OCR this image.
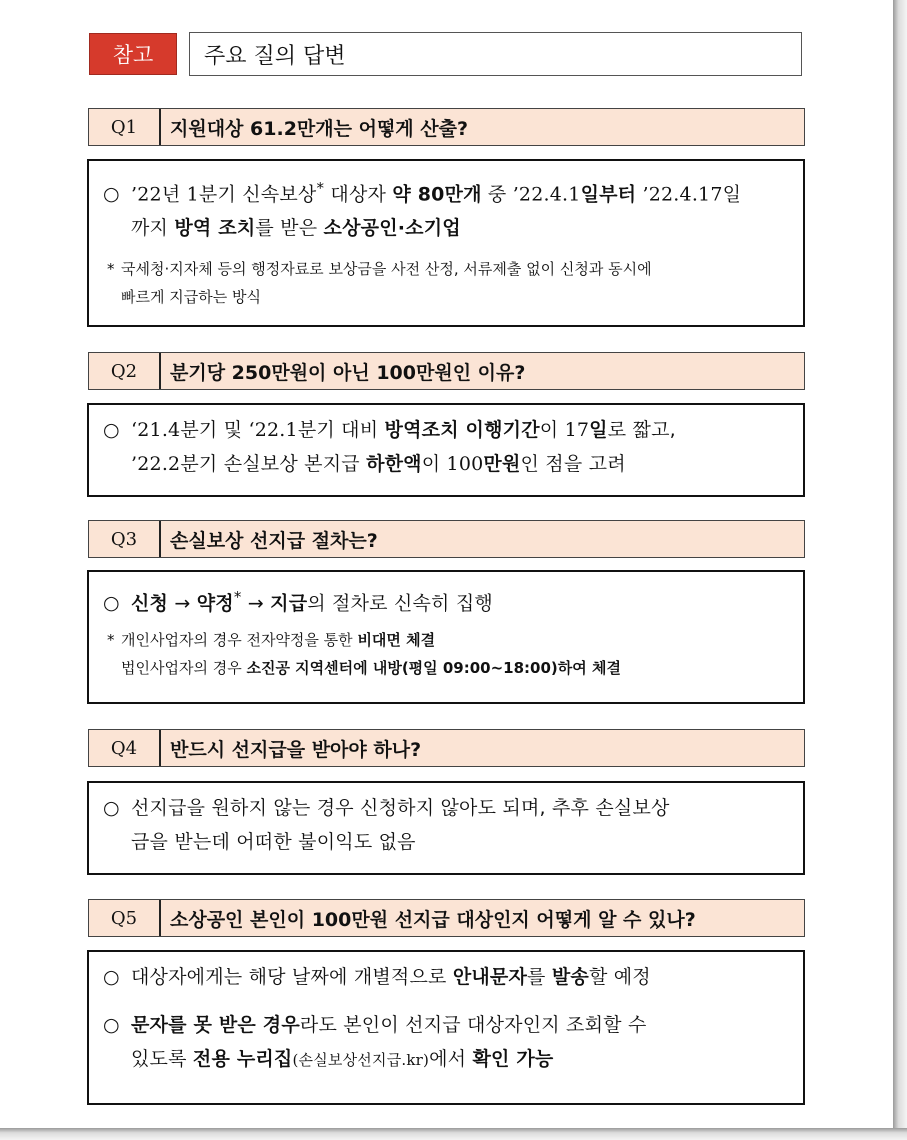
참고	주요 질의 답변
Q1	지원대상 61.2만개는 어떻게 산출?
○ ’22년 1분기 신속보상* 대상자 약 80만개 중 ’22.4.1일부터 ’22.4.17일
까지 방역 조치를 받은 소상공인·소기업
* 국세청·지자체 등의 행정자료로 보상금을 사전 산정, 서류제출 없이 신청과 동시에
빠르게 지급하는 방식
Q2	분기당 250만원이 아닌 100만원인 이유?
○ ‘21.4분기 및 ‘22.1분기 대비 방역조치 이행기간이 17일로 짧고,
’22.2분기 손실보상 본지급 하한액이 100만원인 점을 고려
Q3	손실보상 선지급 절차는?
○ 신청 → 약정* → 지급의 절차로 신속히 집행
* 개인사업자의 경우 전자약정을 통한 비대면 체결
법인사업자의 경우 소진공 지역센터에 내방(평일 09:00~18:00)하여 체결
Q4	반드시 선지급을 받아야 하나?
○ 선지급을 원하지 않는 경우 신청하지 않아도 되며, 추후 손실보상
금을 받는데 어떠한 불이익도 없음
Q5	소상공인 본인이 100만원 선지급 대상인지 어떻게 알 수 있나?
○ 대상자에게는 해당 날짜에 개별적으로 안내문자를 발송할 예정
○ 문자를 못 받은 경우라도 본인이 선지급 대상자인지 조회할 수
있도록 전용 누리집(손실보상선지급.kr)에서 확인 가능
